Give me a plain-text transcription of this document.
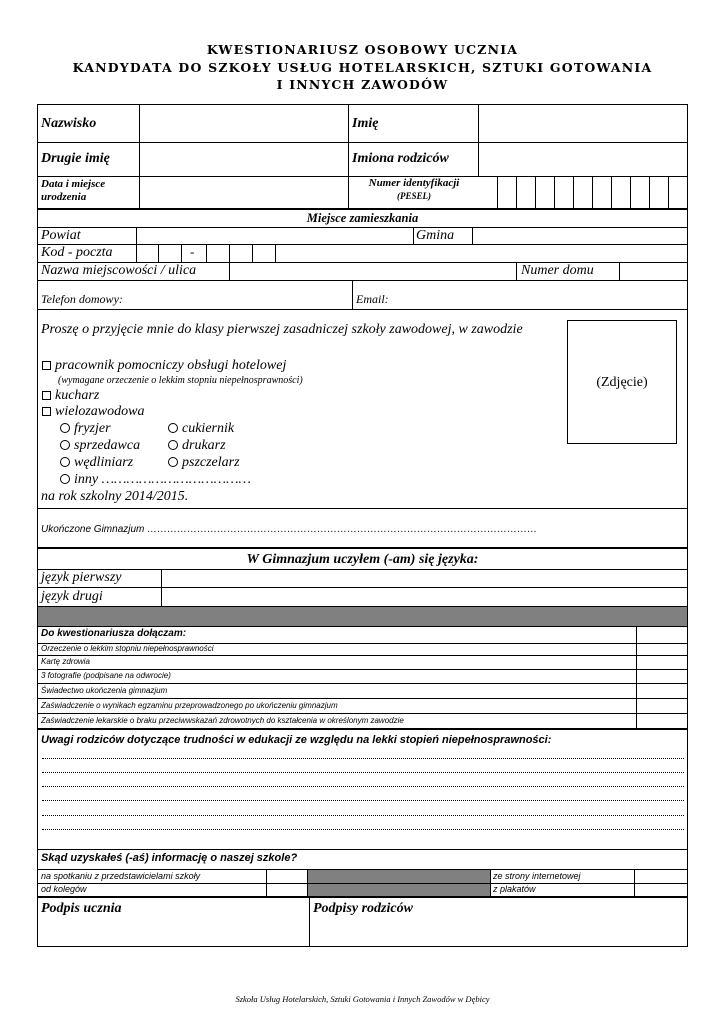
KWESTIONARIUSZ OSOBOWY UCZNIA
KANDYDATA DO SZKOŁY USŁUG HOTELARSKICH, SZTUKI GOTOWANIA
I INNYCH ZAWODÓW
Nazwisko	Imię
Drugie imię	Imiona rodziców
Data i miejsce urodzenia
Numer identyfikacji
(PESEL)
Miejsce zamieszkania
Powiat	Gmina
Kod - poczta	-
Nazwa miejscowości / ulica	Numer domu
Telefon domowy:	Email:
Proszę o przyjęcie mnie do klasy pierwszej zasadniczej szkoły zawodowej, w zawodzie
(Zdjęcie)
pracownik pomocniczy obsługi hotelowej
(wymagane orzeczenie o lekkim stopniu niepełnosprawności)
kucharz
wielozawodowa
fryzjer	cukiernik
sprzedawca	drukarz
wędliniarz	pszczelarz
inny ………………………………
na rok szkolny 2014/2015.
Ukończone Gimnazjum ………………………………………………………………………………………………………
W Gimnazjum uczyłem (-am) się języka:
język pierwszy
język drugi
Do kwestionariusza dołączam:
Orzeczenie o lekkim stopniu niepełnosprawności
Kartę zdrowia
3 fotografie (podpisane na odwrocie)
Świadectwo ukończenia gimnazjum
Zaświadczenie o wynikach egzaminu przeprowadzonego po ukończeniu gimnazjum
Zaświadczenie lekarskie o braku przeciwwskazań zdrowotnych do kształcenia w określonym zawodzie
Uwagi rodziców dotyczące trudności w edukacji ze względu na lekki stopień niepełnosprawności:
Skąd uzyskałeś (-aś) informację o naszej szkole?
na spotkaniu z przedstawicielami szkoły	ze strony internetowej
od kolegów	z plakatów
Podpis ucznia	Podpisy rodziców
Szkoła Usług Hotelarskich, Sztuki Gotowania i Innych Zawodów w Dębicy
